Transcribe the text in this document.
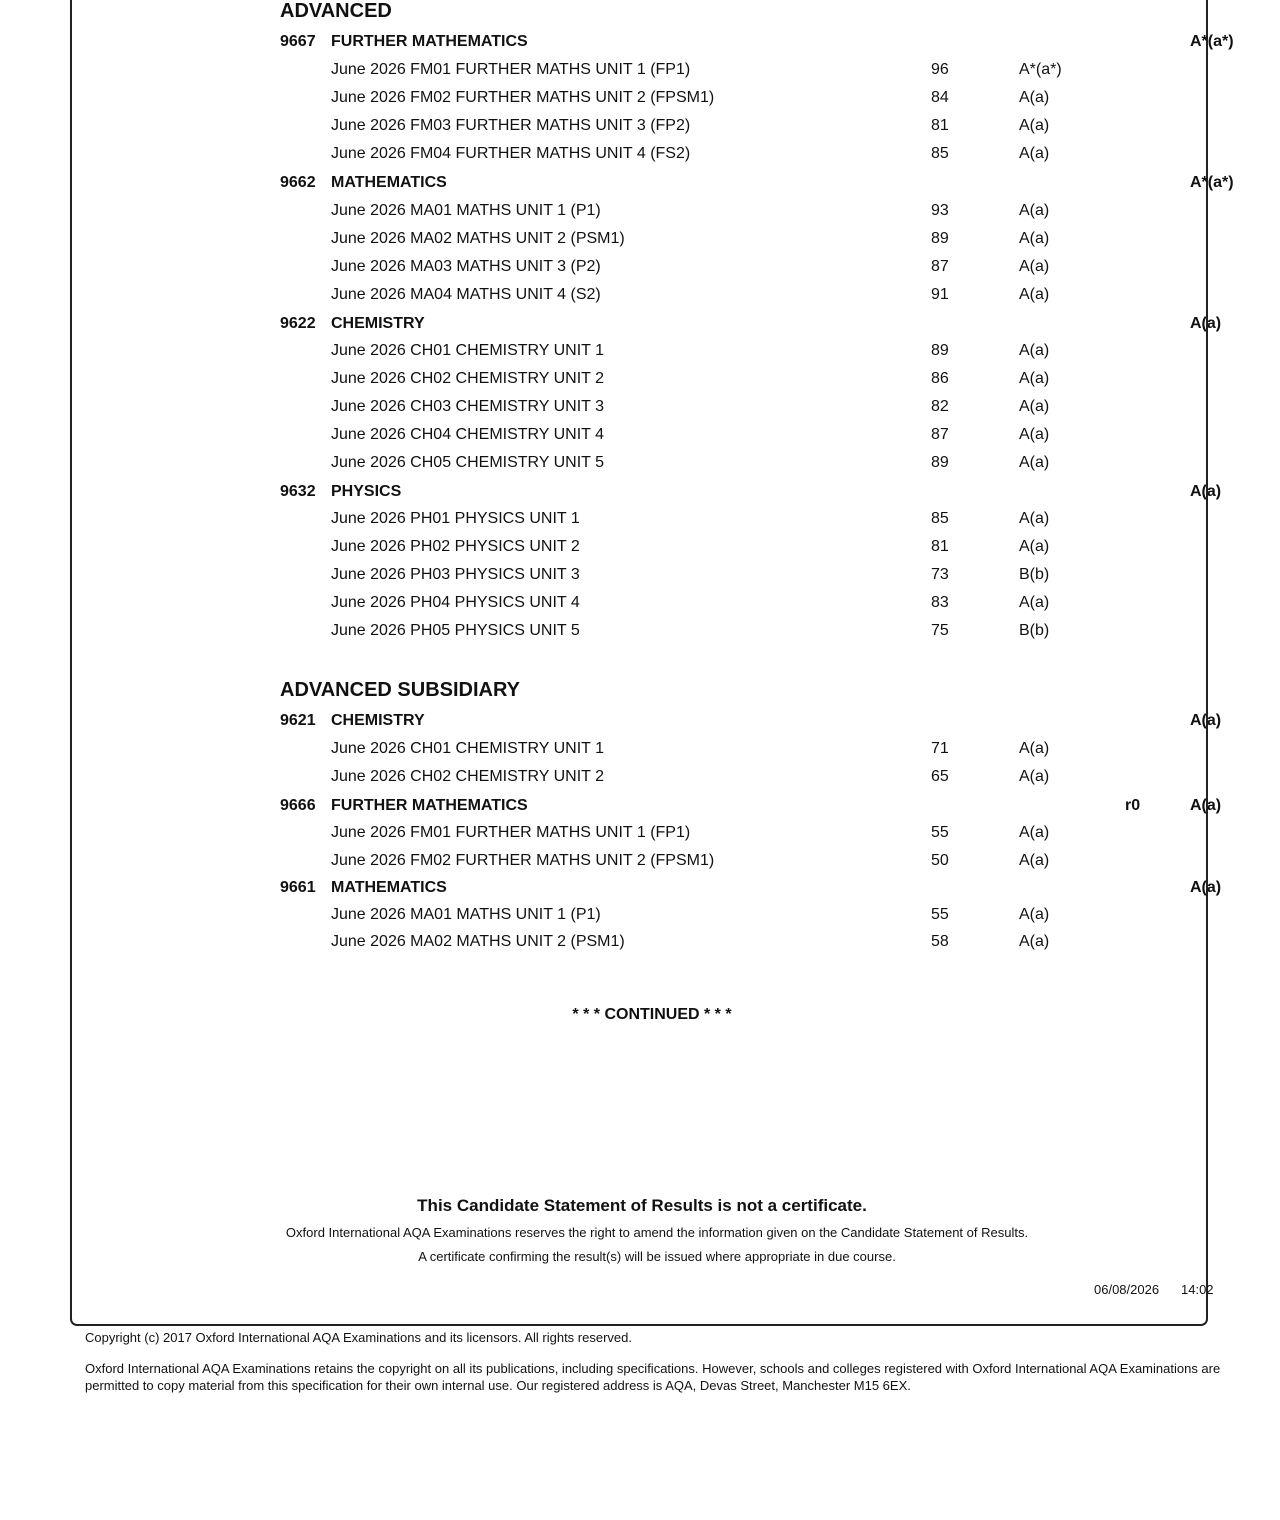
ADVANCED
9667 FURTHER MATHEMATICS	A*(a*)
June 2026 FM01 FURTHER MATHS UNIT 1 (FP1)	96	A*(a*)
June 2026 FM02 FURTHER MATHS UNIT 2 (FPSM1)	84	A(a)
June 2026 FM03 FURTHER MATHS UNIT 3 (FP2)	81	A(a)
June 2026 FM04 FURTHER MATHS UNIT 4 (FS2)	85	A(a)
9662 MATHEMATICS	A*(a*)
June 2026 MA01 MATHS UNIT 1 (P1)	93	A(a)
June 2026 MA02 MATHS UNIT 2 (PSM1)	89	A(a)
June 2026 MA03 MATHS UNIT 3 (P2)	87	A(a)
June 2026 MA04 MATHS UNIT 4 (S2)	91	A(a)
9622 CHEMISTRY	A(a)
June 2026 CH01 CHEMISTRY UNIT 1	89	A(a)
June 2026 CH02 CHEMISTRY UNIT 2	86	A(a)
June 2026 CH03 CHEMISTRY UNIT 3	82	A(a)
June 2026 CH04 CHEMISTRY UNIT 4	87	A(a)
June 2026 CH05 CHEMISTRY UNIT 5	89	A(a)
9632 PHYSICS	A(a)
June 2026 PH01 PHYSICS UNIT 1	85	A(a)
June 2026 PH02 PHYSICS UNIT 2	81	A(a)
June 2026 PH03 PHYSICS UNIT 3	73	B(b)
June 2026 PH04 PHYSICS UNIT 4	83	A(a)
June 2026 PH05 PHYSICS UNIT 5	75	B(b)
ADVANCED SUBSIDIARY
9621 CHEMISTRY	A(a)
June 2026 CH01 CHEMISTRY UNIT 1	71	A(a)
June 2026 CH02 CHEMISTRY UNIT 2	65	A(a)
9666 FURTHER MATHEMATICS	r0	A(a)
June 2026 FM01 FURTHER MATHS UNIT 1 (FP1)	55	A(a)
June 2026 FM02 FURTHER MATHS UNIT 2 (FPSM1)	50	A(a)
9661 MATHEMATICS	A(a)
June 2026 MA01 MATHS UNIT 1 (P1)	55	A(a)
June 2026 MA02 MATHS UNIT 2 (PSM1)	58	A(a)
* * * CONTINUED * * *
This Candidate Statement of Results is not a certificate.
Oxford International AQA Examinations reserves the right to amend the information given on the Candidate Statement of Results.
A certificate confirming the result(s) will be issued where appropriate in due course.
06/08/2026 14:02
Copyright (c) 2017 Oxford International AQA Examinations and its licensors. All rights reserved.
Oxford International AQA Examinations retains the copyright on all its publications, including specifications. However, schools and colleges registered with Oxford International AQA Examinations are permitted to copy material from this specification for their own internal use. Our registered address is AQA, Devas Street, Manchester M15 6EX.
